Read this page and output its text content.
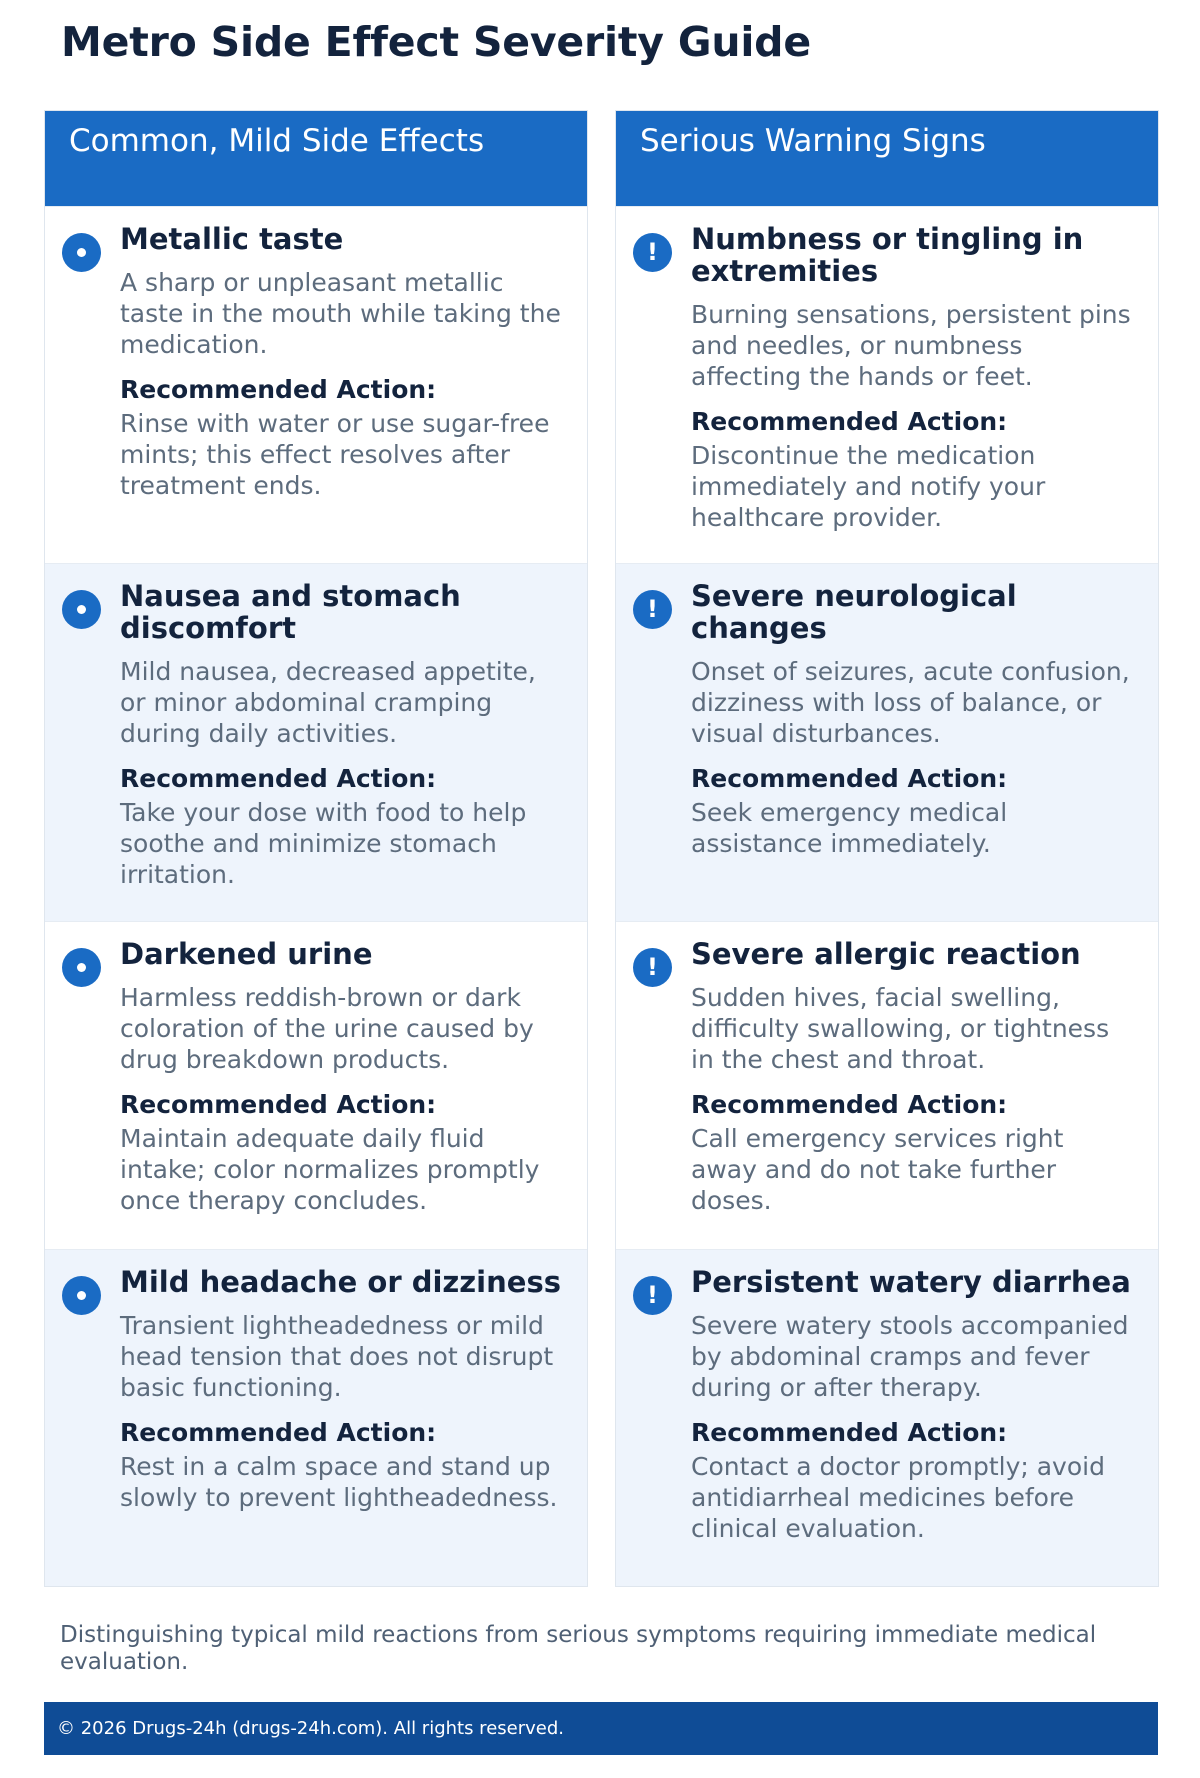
Metro Side Effect Severity Guide
Common, Mild Side Effects

Metallic taste

A sharp or unpleasant metallic taste in the mouth while taking the medication.

Recommended Action:

Rinse with water or use sugar-free mints; this effect resolves after treatment ends.

Nausea and stomach discomfort

Mild nausea, decreased appetite, or minor abdominal cramping during daily activities.

Recommended Action:

Take your dose with food to help soothe and minimize stomach irritation.

Darkened urine

Harmless reddish-brown or dark coloration of the urine caused by drug breakdown products.

Recommended Action:

Maintain adequate daily fluid intake; color normalizes promptly once therapy concludes.

Mild headache or dizziness

Transient lightheadedness or mild head tension that does not disrupt basic functioning.

Recommended Action:

Rest in a calm space and stand up slowly to prevent lightheadedness.

Serious Warning Signs
!	Numbness or tingling in extremities

Burning sensations, persistent pins and needles, or numbness affecting the hands or feet.

Recommended Action:

Discontinue the medication immediately and notify your healthcare provider.

!	Severe neurological changes

Onset of seizures, acute confusion, dizziness with loss of balance, or visual disturbances.

Recommended Action:

Seek emergency medical assistance immediately.

!	Severe allergic reaction

Sudden hives, facial swelling, difficulty swallowing, or tightness in the chest and throat.

Recommended Action:

Call emergency services right away and do not take further doses.

!	Persistent watery diarrhea

Severe watery stools accompanied by abdominal cramps and fever during or after therapy.

Recommended Action:

Contact a doctor promptly; avoid antidiarrheal medicines before clinical evaluation.

Distinguishing typical mild reactions from serious symptoms requiring immediate medical evaluation.

© 2026 Drugs-24h (drugs-24h.com). All rights reserved.
